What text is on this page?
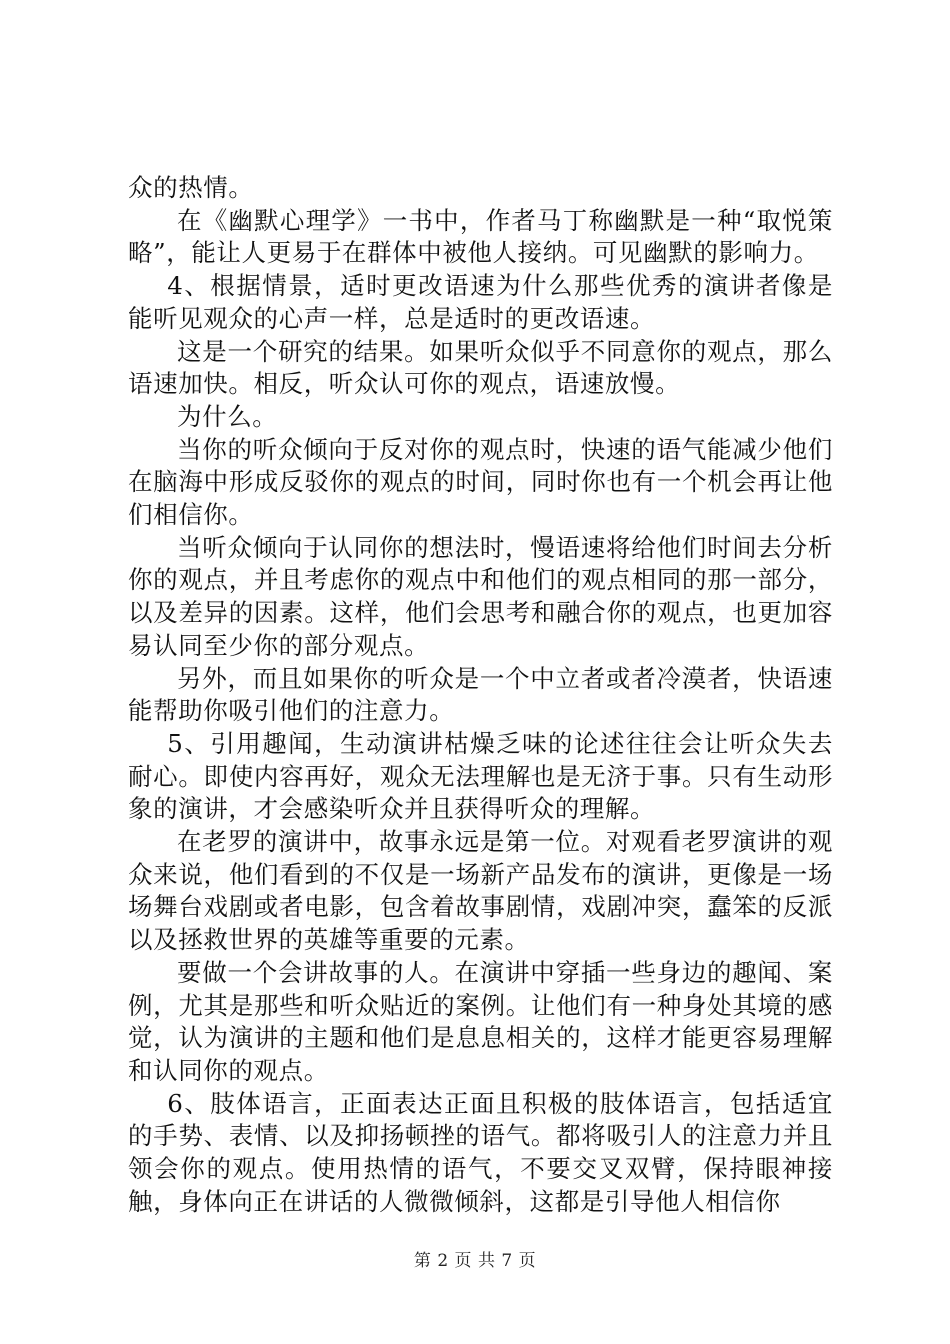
众的热情。

在《幽默心理学》一书中，作者马丁称幽默是一种“取悦策略”，能让人更易于在群体中被他人接纳。可见幽默的影响力。

4、根据情景，适时更改语速为什么那些优秀的演讲者像是能听见观众的心声一样，总是适时的更改语速。

这是一个研究的结果。如果听众似乎不同意你的观点，那么语速加快。相反，听众认可你的观点，语速放慢。

为什么。

当你的听众倾向于反对你的观点时，快速的语气能减少他们在脑海中形成反驳你的观点的时间，同时你也有一个机会再让他们相信你。

当听众倾向于认同你的想法时，慢语速将给他们时间去分析你的观点，并且考虑你的观点中和他们的观点相同的那一部分，以及差异的因素。这样，他们会思考和融合你的观点，也更加容易认同至少你的部分观点。

另外，而且如果你的听众是一个中立者或者冷漠者，快语速能帮助你吸引他们的注意力。

5、引用趣闻，生动演讲枯燥乏味的论述往往会让听众失去耐心。即使内容再好，观众无法理解也是无济于事。只有生动形象的演讲，才会感染听众并且获得听众的理解。

在老罗的演讲中，故事永远是第一位。对观看老罗演讲的观众来说，他们看到的不仅是一场新产品发布的演讲，更像是一场场舞台戏剧或者电影，包含着故事剧情，戏剧冲突，蠢笨的反派以及拯救世界的英雄等重要的元素。

要做一个会讲故事的人。在演讲中穿插一些身边的趣闻、案例，尤其是那些和听众贴近的案例。让他们有一种身处其境的感觉，认为演讲的主题和他们是息息相关的，这样才能更容易理解和认同你的观点。

6、肢体语言，正面表达正面且积极的肢体语言，包括适宜的手势、表情、以及抑扬顿挫的语气。都将吸引人的注意力并且领会你的观点。使用热情的语气，不要交叉双臂，保持眼神接触，身体向正在讲话的人微微倾斜，这都是引导他人相信你

第 2 页 共 7 页
